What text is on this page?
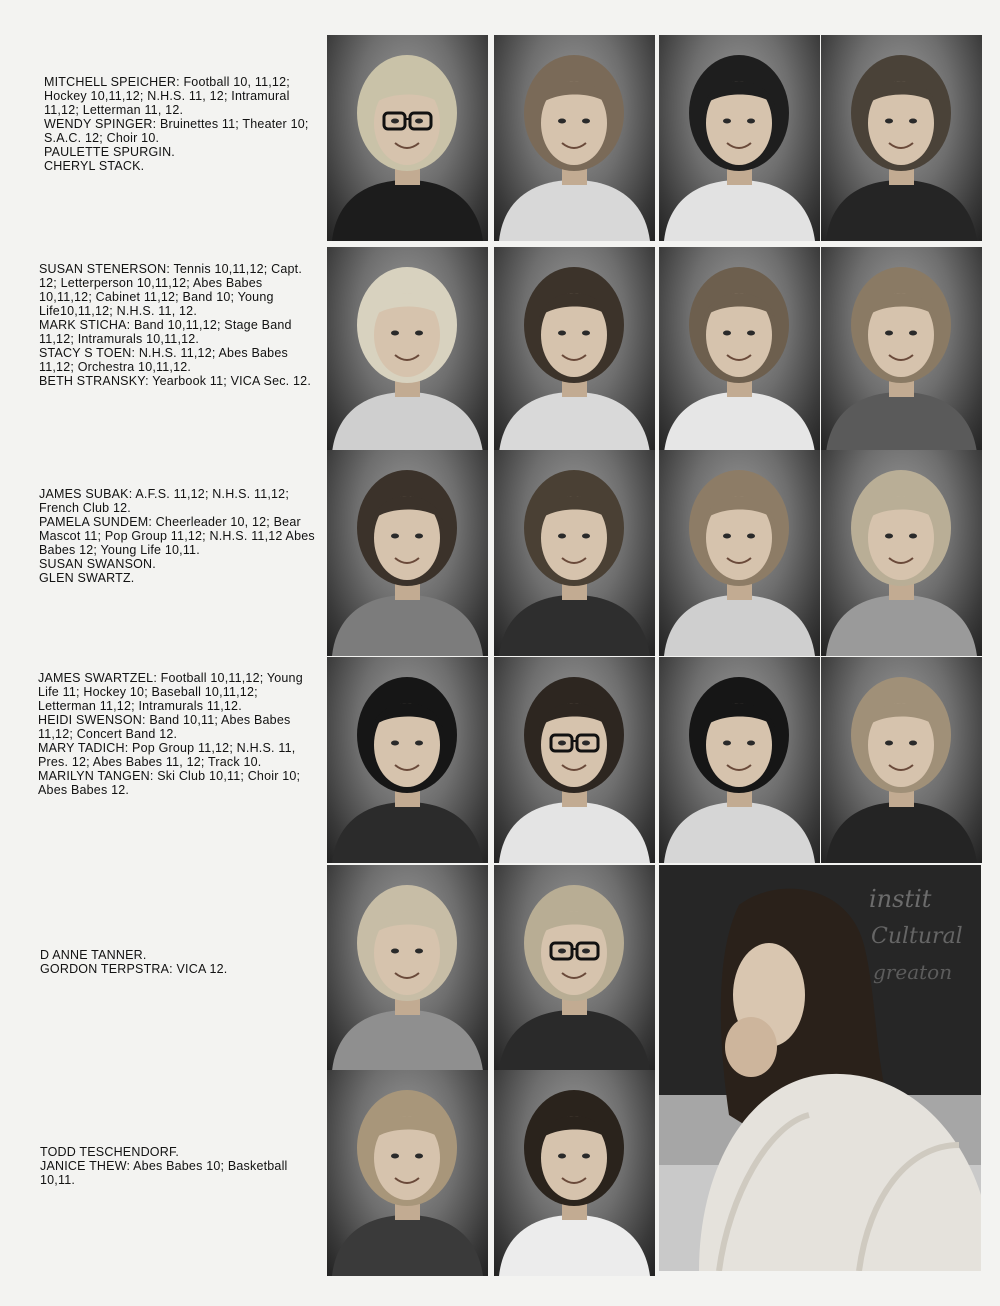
MITCHELL SPEICHER: Football 10, 11,12; Hockey 10,11,12; N.H.S. 11, 12; Intramural 11,12; Letterman 11, 12.
WENDY SPINGER: Bruinettes 11; Theater 10; S.A.C. 12; Choir 10.
PAULETTE SPURGIN.
CHERYL STACK.
SUSAN STENERSON: Tennis 10,11,12; Capt. 12; Letterperson 10,11,12; Abes Babes 10,11,12; Cabinet 11,12; Band 10; Young Life10,11,12; N.H.S. 11, 12.
MARK STICHA: Band 10,11,12; Stage Band 11,12; Intramurals 10,11,12.
STACY S TOEN: N.H.S. 11,12; Abes Babes 11,12; Orchestra 10,11,12.
BETH STRANSKY: Yearbook 11; VICA Sec. 12.
JAMES SUBAK: A.F.S. 11,12; N.H.S. 11,12; French Club 12.
PAMELA SUNDEM: Cheerleader 10, 12; Bear Mascot 11; Pop Group 11,12; N.H.S. 11,12 Abes Babes 12; Young Life 10,11.
SUSAN SWANSON.
GLEN SWARTZ.
JAMES SWARTZEL: Football 10,11,12; Young Life 11; Hockey 10; Baseball 10,11,12; Letterman 11,12; Intramurals 11,12.
HEIDI SWENSON: Band 10,11; Abes Babes 11,12; Concert Band 12.
MARY TADICH: Pop Group 11,12; N.H.S. 11, Pres. 12; Abes Babes 11, 12; Track 10.
MARILYN TANGEN: Ski Club 10,11; Choir 10; Abes Babes 12.
D ANNE TANNER.
GORDON TERPSTRA: VICA 12.
TODD TESCHENDORF.
JANICE THEW: Abes Babes 10; Basketball 10,11.
instit
Cultural
greaton
